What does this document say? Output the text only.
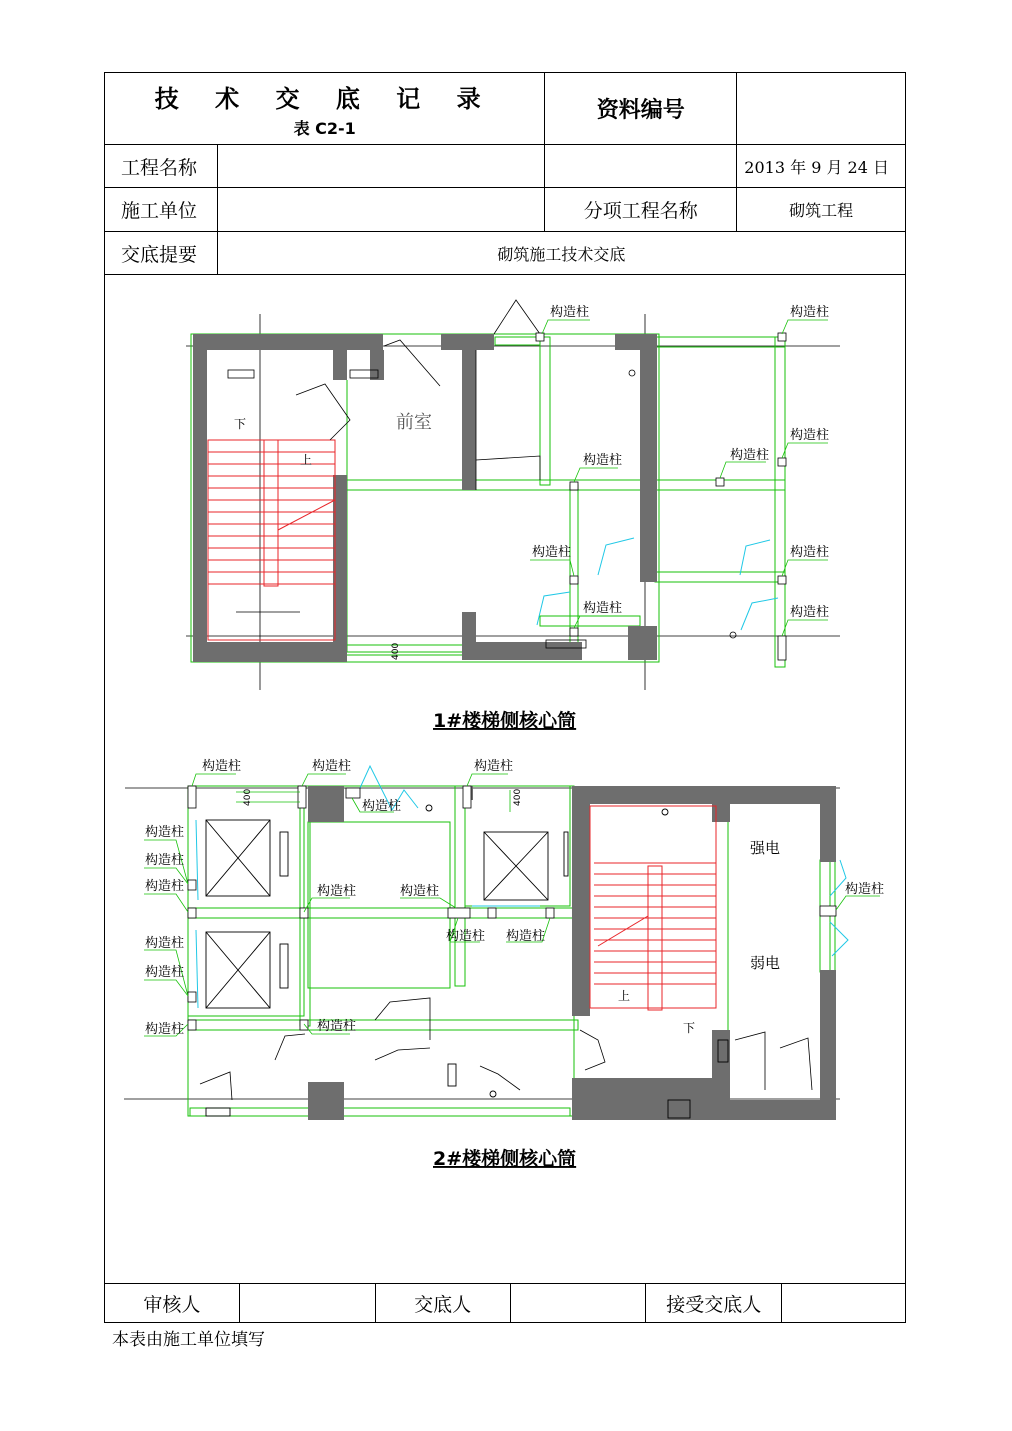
技 术 交 底 记 录
表 C2-1		资料编号	
工程名称			2013 年 9 月 24 日
施工单位		分项工程名称	砌筑工程
交底提要	砌筑施工技术交底		
审核人		交底人		接受交底人	
本表由施工单位填写
构造柱	构造柱
构造柱
构造柱
构造柱
构造柱	构造柱
构造柱	构造柱
前室
下
上
400
1#楼梯侧核心筒
构造柱	构造柱	构造柱
构造柱
构造柱
构造柱
构造柱
构造柱
构造柱
构造柱
构造柱	构造柱
构造柱 构造柱
构造柱
构造柱
强电
弱电
上
下
400	400
2#楼梯侧核心筒
